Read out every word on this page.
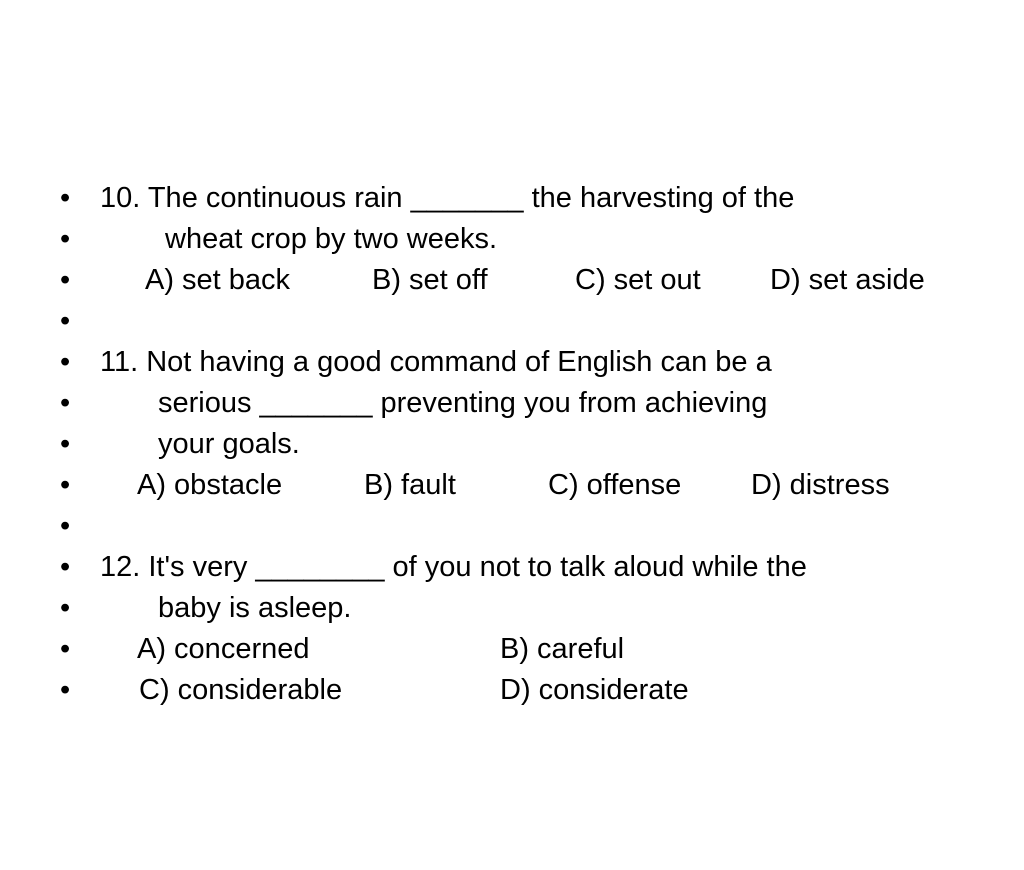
•

10. The continuous rain _______ the harvesting of the

•

	wheat crop by two weeks.

•

	A) set back

	B) set off

	C) set out

D) set aside

•

•

11. Not having a good command of English can be a

•

	serious _______ preventing you from achieving

•

	your goals.

•

A) obstacle

	B) fault

	C) offense

D) distress

•

•

12. It's very ________ of you not to talk aloud while the

•

	baby is asleep.

•

A) concerned

	B) careful

•

C) considerable

	D) considerate
